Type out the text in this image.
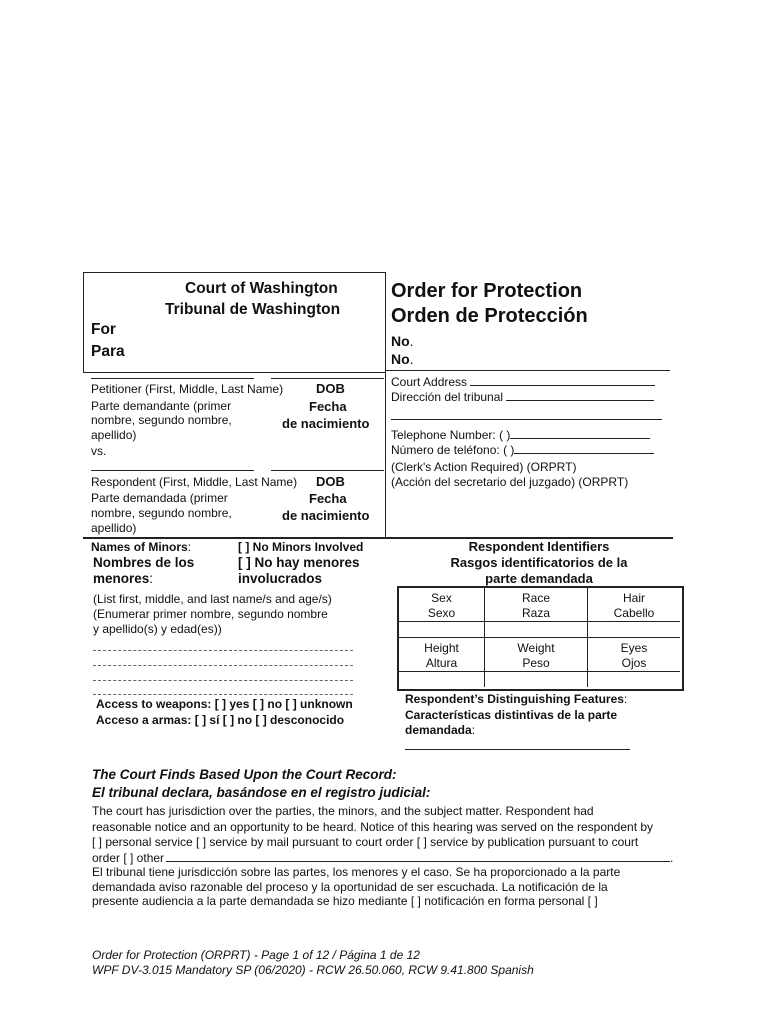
Court of Washington
Tribunal de Washington
For
Para
Petitioner (First, Middle, Last Name)
Parte demandante (primer
nombre, segundo nombre,
apellido)
DOB
Fecha
de nacimiento
vs.
Respondent (First, Middle, Last Name)
Parte demandada (primer
nombre, segundo nombre,
apellido)
DOB
Fecha
de nacimiento
Order for Protection
Orden de Protección
No.
No.
Court Address
Dirección del tribunal
Telephone Number: ( )
Número de teléfono: ( )
(Clerk's Action Required) (ORPRT)
(Acción del secretario del juzgado) (ORPRT)
Names of Minors:
Nombres de los
menores:
[ ] No Minors Involved
[ ] No hay menores
involucrados
(List first, middle, and last name/s and age/s)
(Enumerar primer nombre, segundo nombre
y apellido(s) y edad(es))
Access to weapons: [ ] yes [ ] no [ ] unknown
Acceso a armas: [ ] sí [ ] no [ ] desconocido
Respondent Identifiers
Rasgos identificatorios de la
parte demandada
Sex
Sexo
Race
Raza
Hair
Cabello
Height
Altura
Weight
Peso
Eyes
Ojos
Respondent’s Distinguishing Features:
Características distintivas de la parte
demandada:
The Court Finds Based Upon the Court Record:
El tribunal declara, basándose en el registro judicial:
The court has jurisdiction over the parties, the minors, and the subject matter. Respondent had
reasonable notice and an opportunity to be heard. Notice of this hearing was served on the respondent by
[ ] personal service [ ] service by mail pursuant to court order [ ] service by publication pursuant to court
order [ ] other	.
El tribunal tiene jurisdicción sobre las partes, los menores y el caso. Se ha proporcionado a la parte
demandada aviso razonable del proceso y la oportunidad de ser escuchada. La notificación de la
presente audiencia a la parte demandada se hizo mediante [ ] notificación en forma personal [ ]
Order for Protection (ORPRT) - Page 1 of 12 / Página 1 de 12
WPF DV-3.015 Mandatory SP (06/2020) - RCW 26.50.060, RCW 9.41.800 Spanish
